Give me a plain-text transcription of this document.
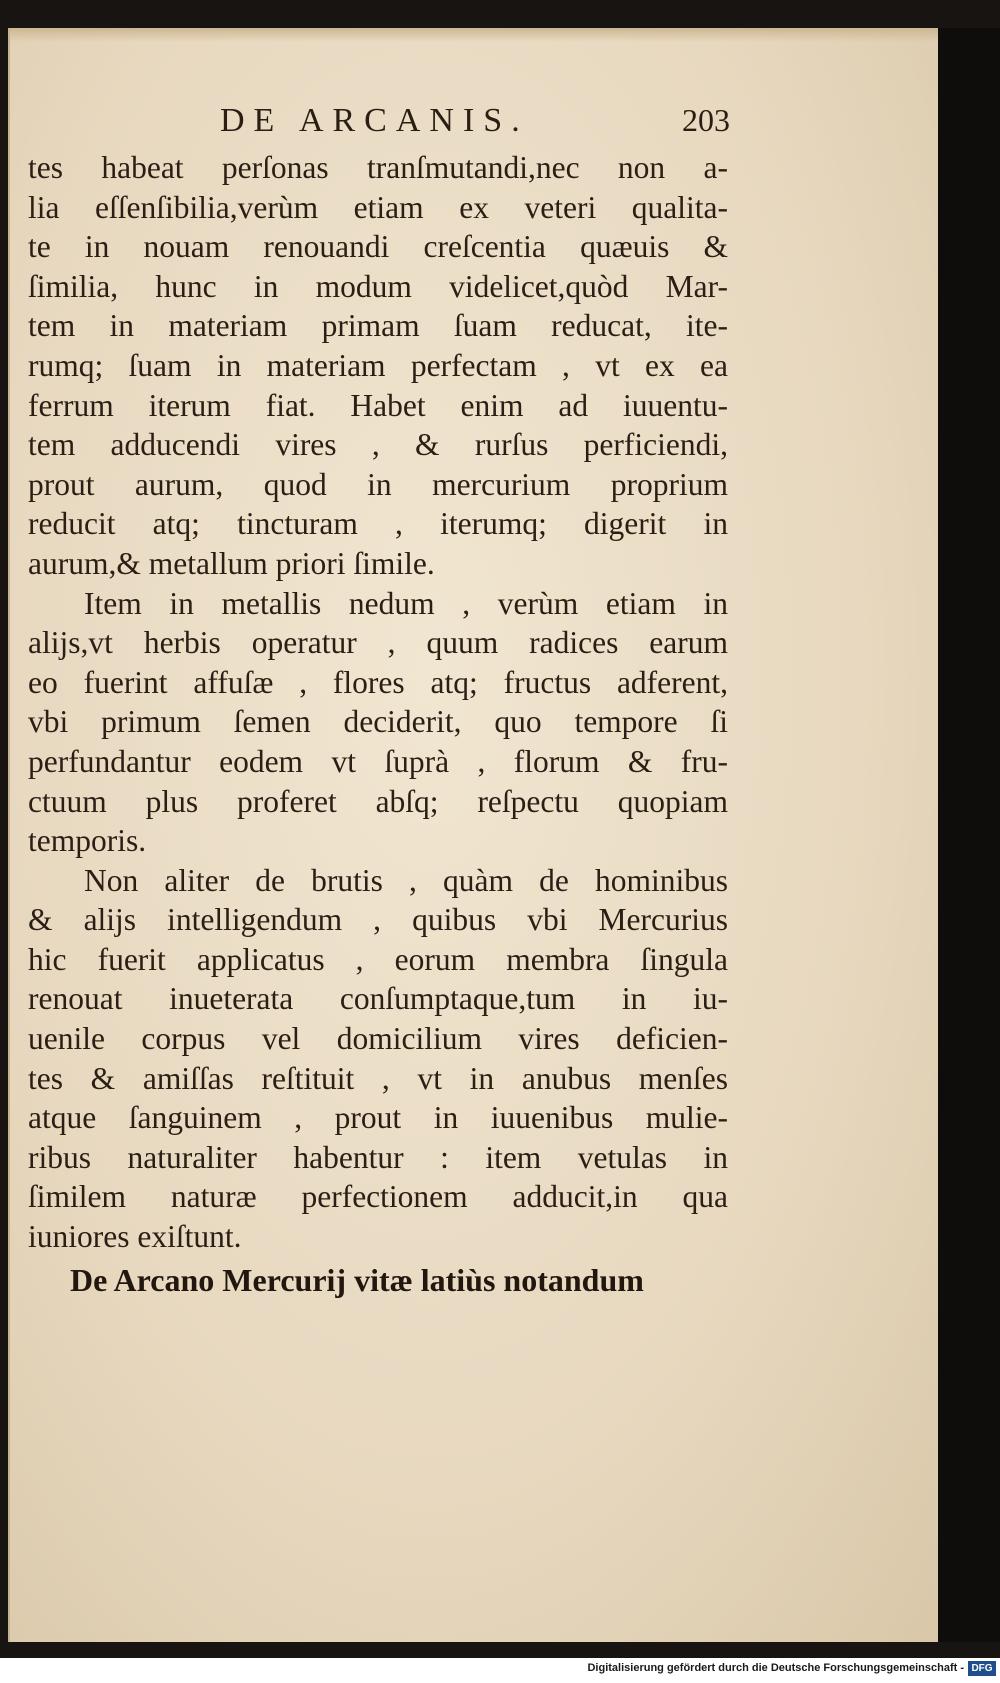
DE ARCANIS.	203
tes habeat perſonas tranſmutandi,nec non a-
lia eſſenſibilia,verùm etiam ex veteri qualita-
te in nouam renouandi creſcentia quæuis &
ſimilia, hunc in modum videlicet,quòd Mar-
tem in materiam primam ſuam reducat, ite-
rumq; ſuam in materiam perfectam , vt ex ea
ferrum iterum fiat. Habet enim ad iuuentu-
tem adducendi vires , & rurſus perficiendi,
prout aurum, quod in mercurium proprium
reducit atq; tincturam , iterumq; digerit in
aurum,& metallum priori ſimile.
Item in metallis nedum , verùm etiam in
alijs,vt herbis operatur , quum radices earum
eo fuerint affuſæ , flores atq; fructus adferent,
vbi primum ſemen deciderit, quo tempore ſi
perfundantur eodem vt ſuprà , florum & fru-
ctuum plus proferet abſq; reſpectu quopiam
temporis.
Non aliter de brutis , quàm de hominibus
& alijs intelligendum , quibus vbi Mercurius
hic fuerit applicatus , eorum membra ſingula
renouat inueterata conſumptaque,tum in iu-
uenile corpus vel domicilium vires deficien-
tes & amiſſas reſtituit , vt in anubus menſes
atque ſanguinem , prout in iuuenibus mulie-
ribus naturaliter habentur : item vetulas in
ſimilem naturæ perfectionem adducit,in qua
iuniores exiſtunt.
De Arcano Mercurij vitæ latiùs notandum
Digitalisierung gefördert durch die Deutsche Forschungsgemeinschaft - DFG
